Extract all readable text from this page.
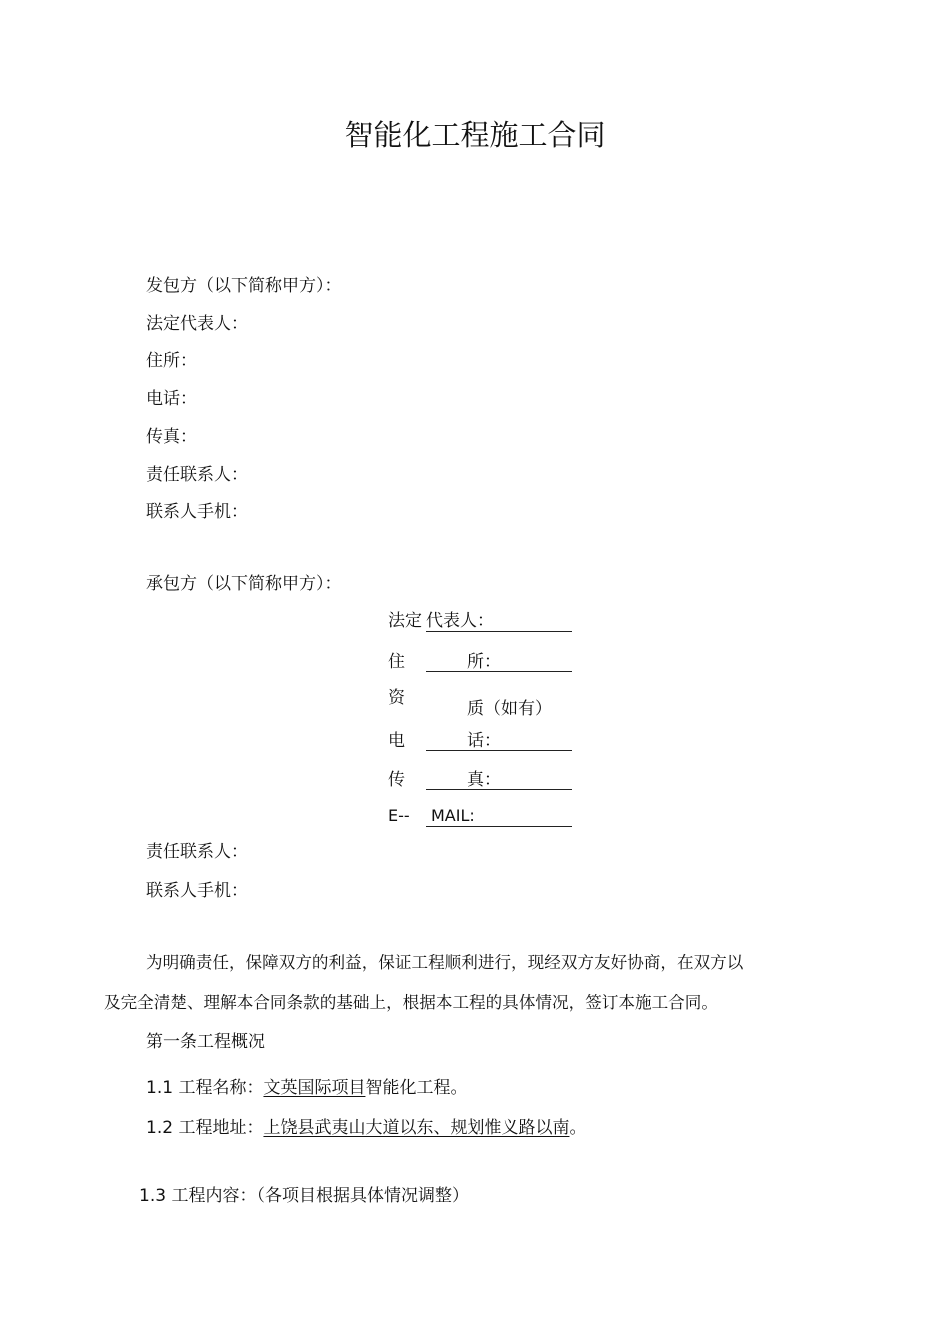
智能化工程施工合同
发包方（以下简称甲方）：
法定代表人：
住所：
电话：
传真：
责任联系人：
联系人手机：
承包方（以下简称甲方）：
法定 代表人：
住	所：
资
质（如有）
电	话：
传	真：
E-- MAIL:
责任联系人：
联系人手机：
为明确责任，保障双方的利益，保证工程顺利进行，现经双方友好协商，在双方以
及完全清楚、理解本合同条款的基础上，根据本工程的具体情况，签订本施工合同。
第一条工程概况
1.1 工程名称：文英国际项目智能化工程。
1.2 工程地址：上饶县武夷山大道以东、规划惟义路以南。
1.3 工程内容：（各项目根据具体情况调整）
